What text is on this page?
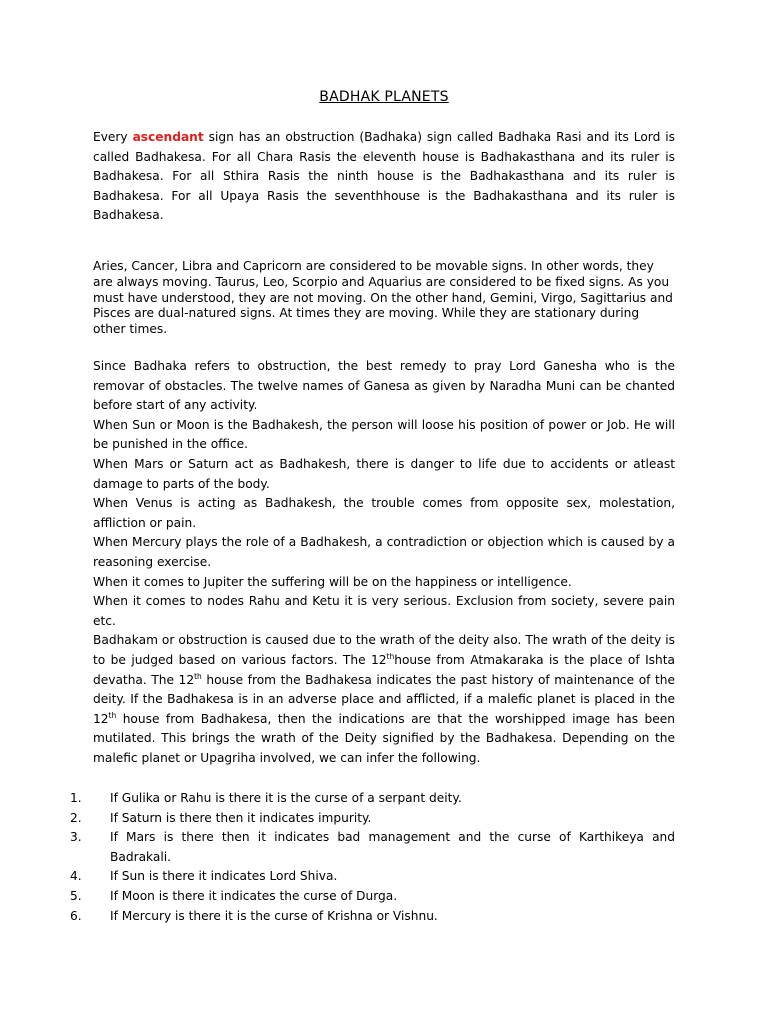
BADHAK PLANETS

Every ascendant sign has an obstruction (Badhaka) sign called Badhaka Rasi and its Lord is called Badhakesa. For all Chara Rasis the eleventh house is Badhakasthana and its ruler is Badhakesa. For all Sthira Rasis the ninth house is the Badhakasthana and its ruler is Badhakesa. For all Upaya Rasis the seventhhouse is the Badhakasthana and its ruler is Badhakesa.

Aries, Cancer, Libra and Capricorn are considered to be movable signs. In other words, they are always moving. Taurus, Leo, Scorpio and Aquarius are considered to be fixed signs. As you must have understood, they are not moving. On the other hand, Gemini, Virgo, Sagittarius and Pisces are dual-natured signs. At times they are moving. While they are stationary during other times.

Since Badhaka refers to obstruction, the best remedy to pray Lord Ganesha who is the removar of obstacles. The twelve names of Ganesa as given by Naradha Muni can be chanted before start of any activity.
When Sun or Moon is the Badhakesh, the person will loose his position of power or Job. He will be punished in the office.
When Mars or Saturn act as Badhakesh, there is danger to life due to accidents or atleast damage to parts of the body.
When Venus is acting as Badhakesh, the trouble comes from opposite sex, molestation, affliction or pain.
When Mercury plays the role of a Badhakesh, a contradiction or objection which is caused by a reasoning exercise.
When it comes to Jupiter the suffering will be on the happiness or intelligence.
When it comes to nodes Rahu and Ketu it is very serious. Exclusion from society, severe pain etc.
Badhakam or obstruction is caused due to the wrath of the deity also. The wrath of the deity is to be judged based on various factors. The 12thhouse from Atmakaraka is the place of Ishta devatha. The 12th house from the Badhakesa indicates the past history of maintenance of the deity. If the Badhakesa is in an adverse place and afflicted, if a malefic planet is placed in the 12th house from Badhakesa, then the indications are that the worshipped image has been mutilated. This brings the wrath of the Deity signified by the Badhakesa. Depending on the malefic planet or Upagriha involved, we can infer the following.
1.	If Gulika or Rahu is there it is the curse of a serpant deity.
2.	If Saturn is there then it indicates impurity.
3.	If Mars is there then it indicates bad management and the curse of Karthikeya and Badrakali.
4.	If Sun is there it indicates Lord Shiva.
5.	If Moon is there it indicates the curse of Durga.
6.	If Mercury is there it is the curse of Krishna or Vishnu.
